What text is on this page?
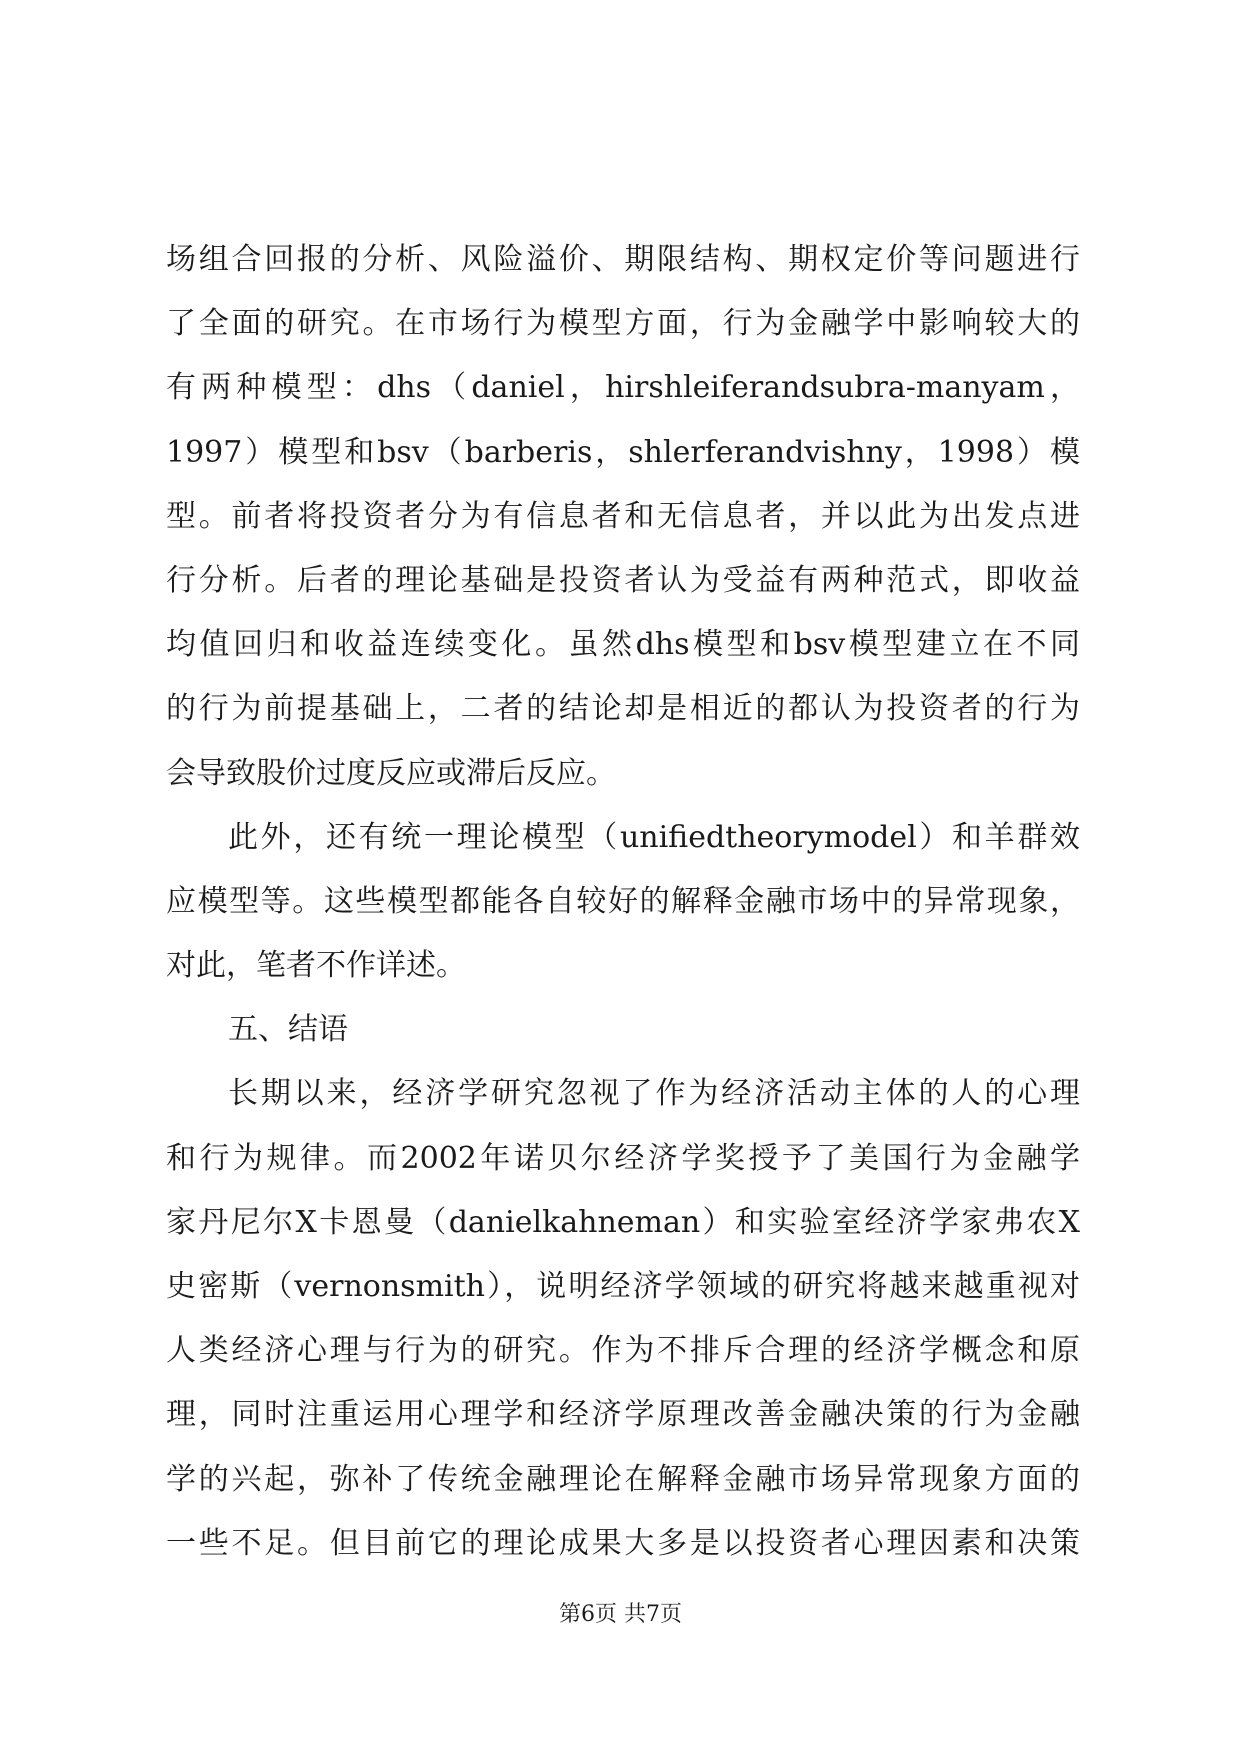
场组合回报的分析、风险溢价、期限结构、期权定价等问题进行
了全面的研究。在市场行为模型方面，行为金融学中影响较大的
有两种模型：dhs（daniel，hirshleiferandsubra-manyam，
1997）模型和bsv（barberis，shlerferandvishny，1998）模
型。前者将投资者分为有信息者和无信息者，并以此为出发点进
行分析。后者的理论基础是投资者认为受益有两种范式，即收益
均值回归和收益连续变化。虽然dhs模型和bsv模型建立在不同
的行为前提基础上，二者的结论却是相近的都认为投资者的行为
会导致股价过度反应或滞后反应。
此外，还有统一理论模型（unifiedtheorymodel）和羊群效
应模型等。这些模型都能各自较好的解释金融市场中的异常现象，
对此，笔者不作详述。
五、结语
长期以来，经济学研究忽视了作为经济活动主体的人的心理
和行为规律。而2002年诺贝尔经济学奖授予了美国行为金融学
家丹尼尔X卡恩曼（danielkahneman）和实验室经济学家弗农X
史密斯（vernonsmith），说明经济学领域的研究将越来越重视对
人类经济心理与行为的研究。作为不排斥合理的经济学概念和原
理，同时注重运用心理学和经济学原理改善金融决策的行为金融
学的兴起，弥补了传统金融理论在解释金融市场异常现象方面的
一些不足。但目前它的理论成果大多是以投资者心理因素和决策
第6页 共7页
